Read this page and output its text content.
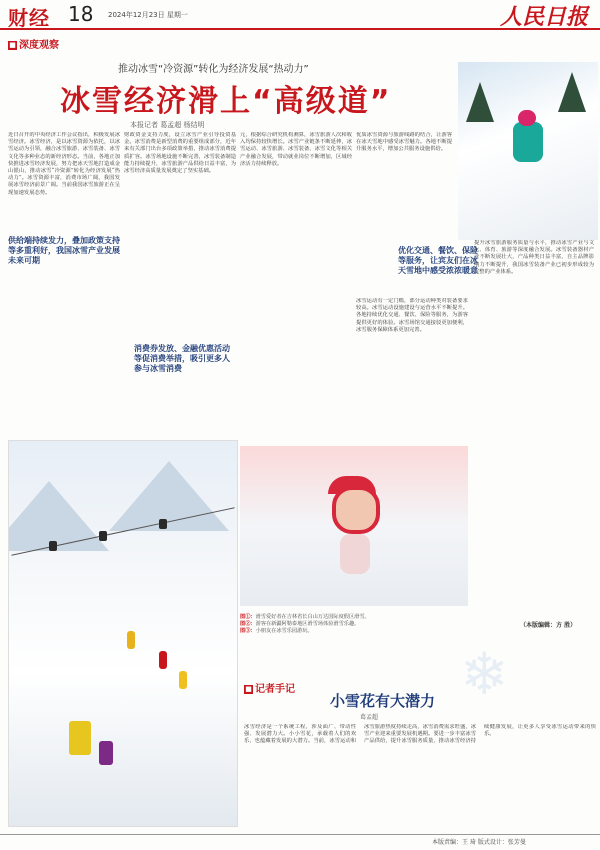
财经 18 2024年12月23日 星期一	人民日报
■ 深度观察
推动冰雪“冷资源”转化为经济发展“热动力”
冰雪经济滑上“高级道”
本报记者 葛孟超 杨结明
近日召开的中央经济工作会议指出，积极发展冰雪经济。冰雪经济，是以冰雪资源为依托，以冰雪运动为引领，融合冰雪旅游、冰雪装备、冰雪文化等多种业态的新经济形态。当前，各地正加快推进冰雪经济发展，努力把冰天雪地打造成金山银山，推动冰雪“冷资源”转化为经济发展“热动力”。冰雪资源丰富，消费市场广阔，我国发展冰雪经济前景广阔。当前我国冰雪旅游正在呈现加速发展态势。
供给端持续发力，叠加政策支持等多重利好，我国冰雪产业发展未来可期
财政资金支持力度，设立冰雪产业引导投资基金。冰雪消费是新型消费的重要组成部分，近年来有关部门出台多项政策举措，推动冰雪消费提质扩容。冰雪场地设施不断完善，冰雪装备制造能力持续提升，冰雪旅游产品供给日益丰富，为冰雪经济高质量发展奠定了坚实基础。
元，根据综合研究机构测算，冰雪旅游人次和收入均保持较快增长。冰雪产业链条不断延伸，冰雪运动、冰雪旅游、冰雪装备、冰雪文化等相关产业融合发展，带动就业岗位不断增加，区域经济活力持续释放。
优质冰雪资源与旅游线路的结合，让游客在冰天雪地中感受冰雪魅力。各地不断提升服务水平，增加公共服务设施供给。
优化交通、餐饮、保险等服务，让宾友们在冰天雪地中感受浓浓暖意
冰雪运动有一定门槛，部分运动种类对装备要求较高。冰雪运动设施建设与运营水平不断提升。各地持续优化交通、餐饮、保险等服务，为游客提供更好的体验。冰雪场馆交通接驳更加便利，冰雪服务保障体系更加完善。
提升冰雪旅游服务质量与水平，推动冰雪产业与文化、体育、旅游等深度融合发展。冰雪装备器材产业不断发展壮大，产品种类日益丰富，自主品牌影响力不断提升，我国冰雪装备产业已初步形成较为完整的产业体系。
消费券发放、金融优惠活动等促消费举措，吸引更多人参与冰雪消费
图①：滑雪爱好者在吉林省长白山万达国际度假区滑雪。
图②：游客在新疆阿勒泰地区滑雪场体验滑雪乐趣。
图③：小朋友在冰雪乐园游玩。
（本版编辑：方 胜）
❄
■ 记者手记
小雪花有大潜力
葛孟超
冰雪经济是一个系统工程，涉及面广、带动性强、发展潜力大。小小雪花，承载着人们的欢乐，也蕴藏着发展的大潜力。当前，冰雪运动和冰雪旅游热度持续走高，冰雪消费需求旺盛，冰雪产业迎来重要发展机遇期。要进一步丰富冰雪产品供给，提升冰雪服务质量，推动冰雪经济持续健康发展，让更多人享受冰雪运动带来的快乐。
本版责编：王 琦 版式设计：张芳曼
